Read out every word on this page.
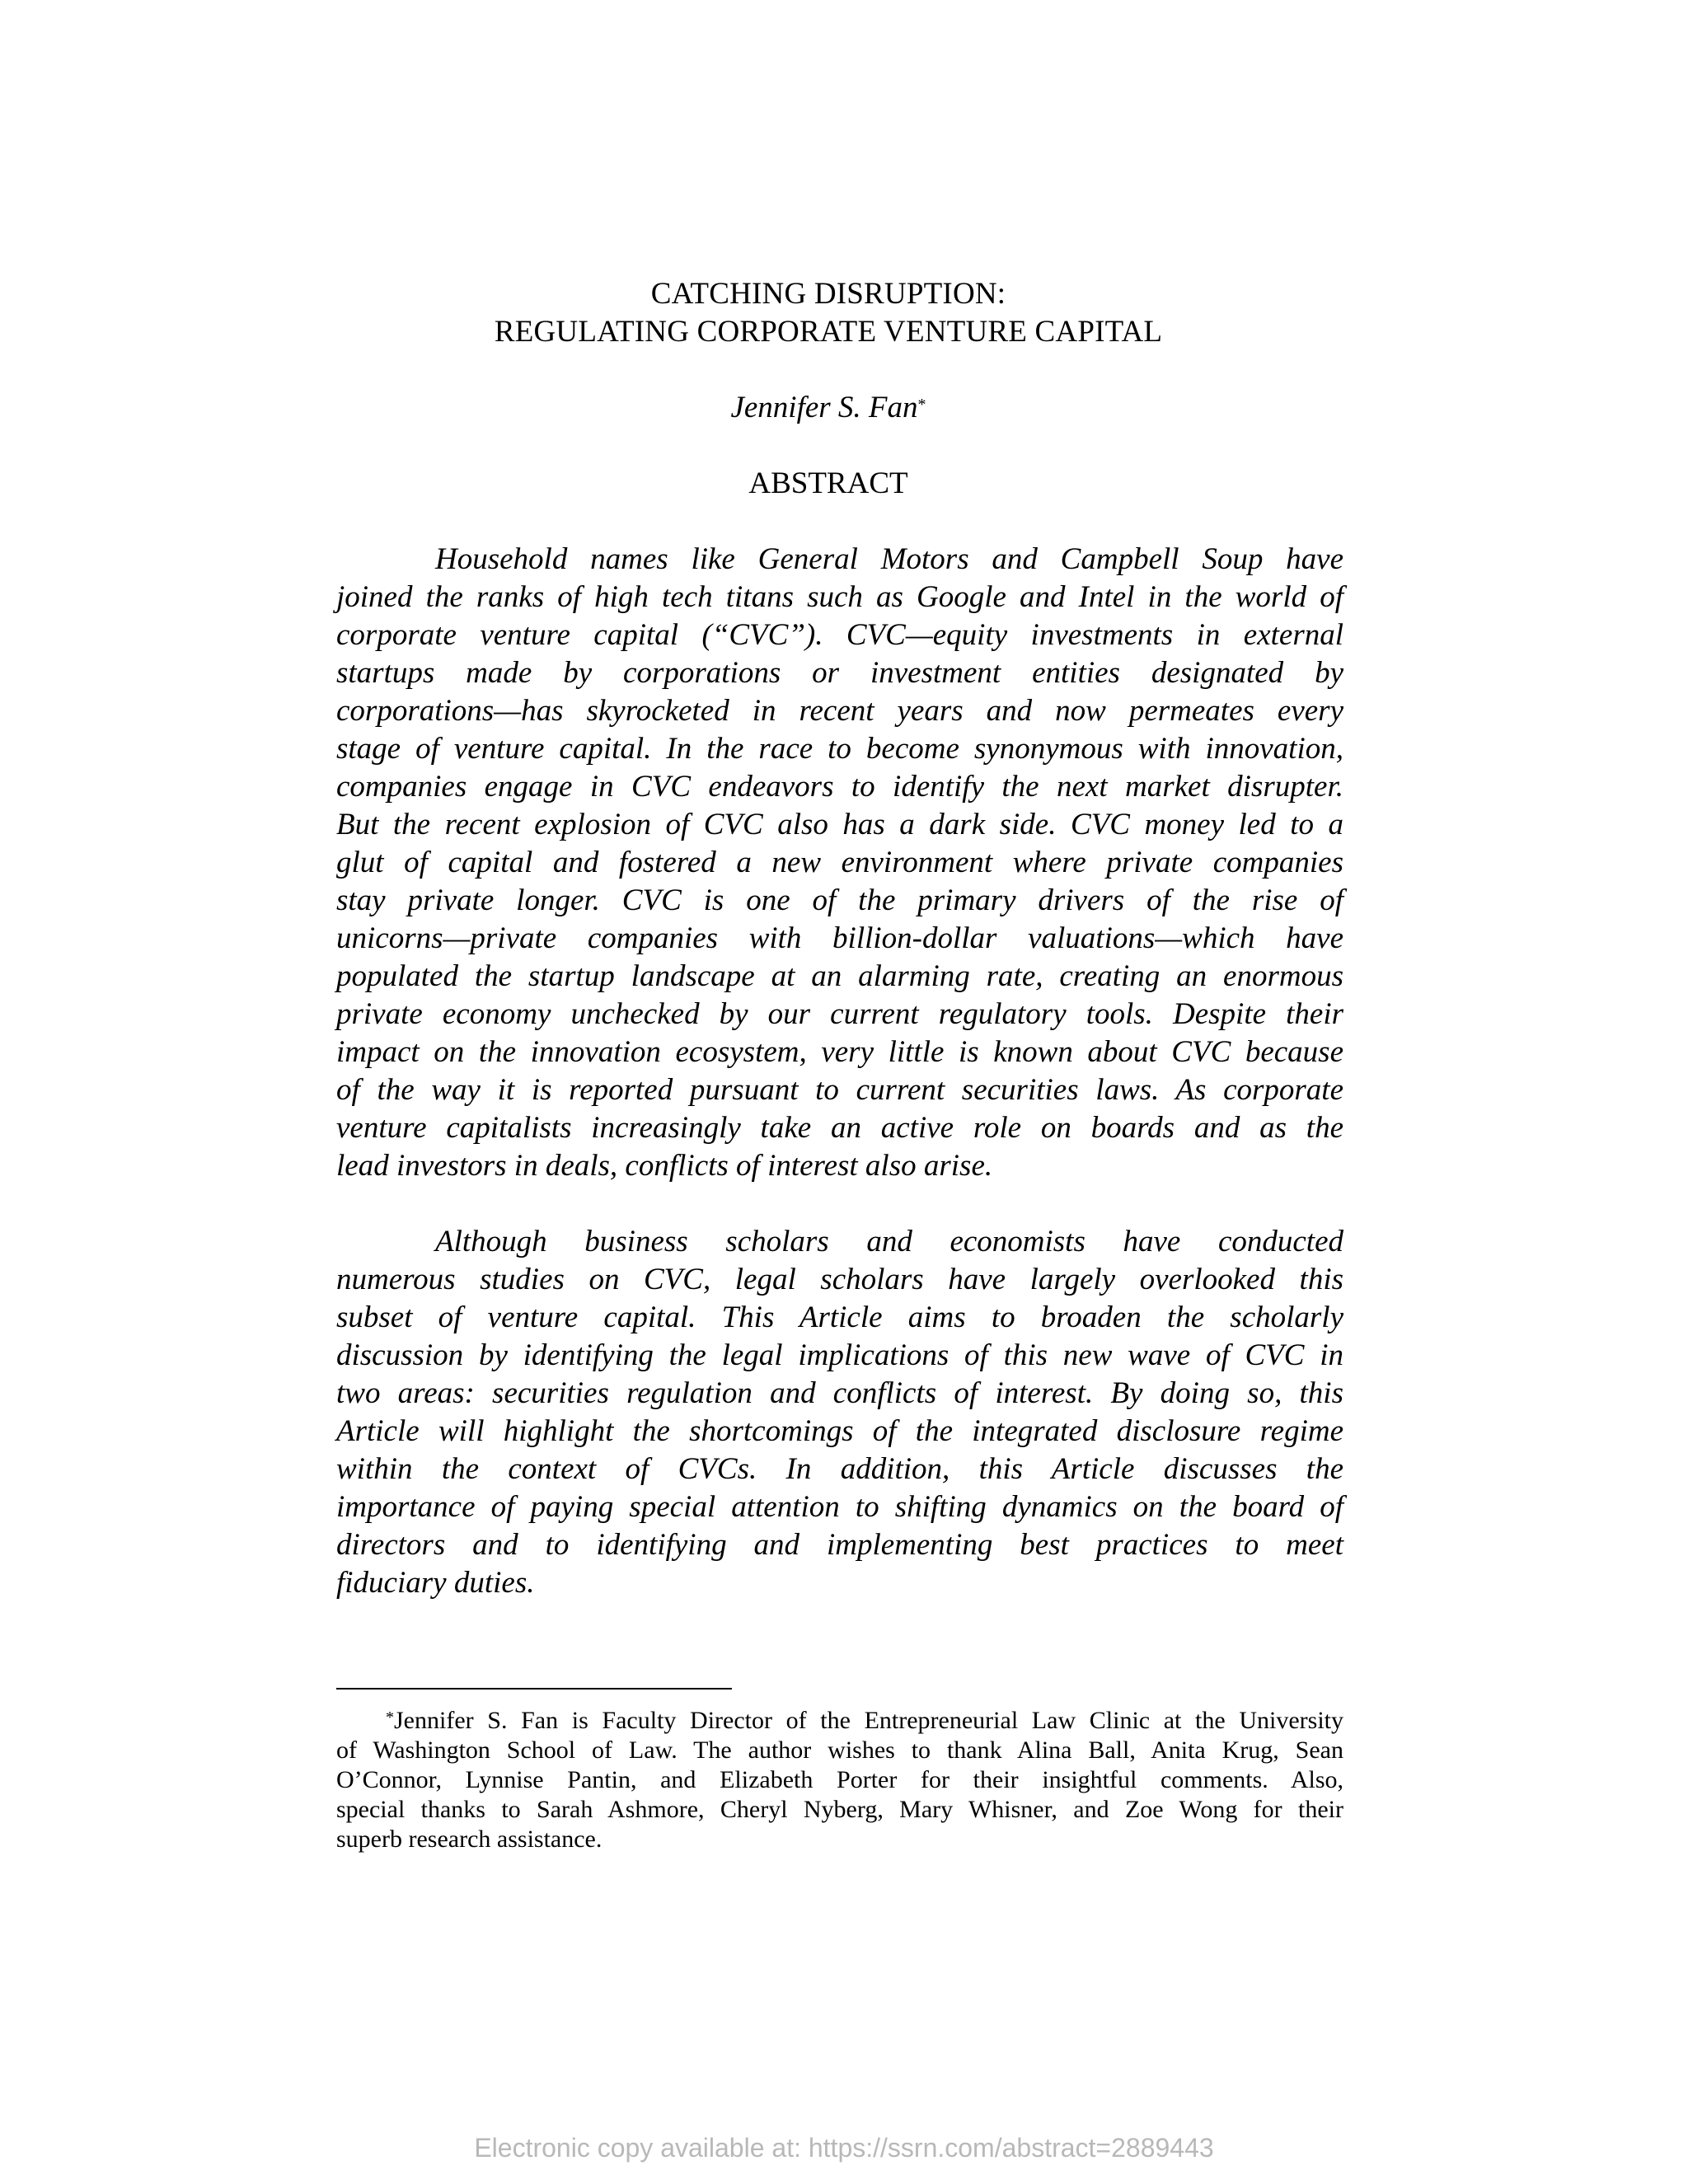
CATCHING DISRUPTION:
REGULATING CORPORATE VENTURE CAPITAL
Jennifer S. Fan*
ABSTRACT
Household names like General Motors and Campbell Soup have
joined the ranks of high tech titans such as Google and Intel in the world of
corporate venture capital (“CVC”). CVC—equity investments in external
startups made by corporations or investment entities designated by
corporations—has skyrocketed in recent years and now permeates every
stage of venture capital. In the race to become synonymous with innovation,
companies engage in CVC endeavors to identify the next market disrupter.
But the recent explosion of CVC also has a dark side. CVC money led to a
glut of capital and fostered a new environment where private companies
stay private longer. CVC is one of the primary drivers of the rise of
unicorns—private companies with billion-dollar valuations—which have
populated the startup landscape at an alarming rate, creating an enormous
private economy unchecked by our current regulatory tools. Despite their
impact on the innovation ecosystem, very little is known about CVC because
of the way it is reported pursuant to current securities laws. As corporate
venture capitalists increasingly take an active role on boards and as the
lead investors in deals, conflicts of interest also arise.
Although business scholars and economists have conducted
numerous studies on CVC, legal scholars have largely overlooked this
subset of venture capital. This Article aims to broaden the scholarly
discussion by identifying the legal implications of this new wave of CVC in
two areas: securities regulation and conflicts of interest. By doing so, this
Article will highlight the shortcomings of the integrated disclosure regime
within the context of CVCs. In addition, this Article discusses the
importance of paying special attention to shifting dynamics on the board of
directors and to identifying and implementing best practices to meet
fiduciary duties.
*Jennifer S. Fan is Faculty Director of the Entrepreneurial Law Clinic at the University
of Washington School of Law. The author wishes to thank Alina Ball, Anita Krug, Sean
O’Connor, Lynnise Pantin, and Elizabeth Porter for their insightful comments. Also,
special thanks to Sarah Ashmore, Cheryl Nyberg, Mary Whisner, and Zoe Wong for their
superb research assistance.
Electronic copy available at: https://ssrn.com/abstract=2889443
